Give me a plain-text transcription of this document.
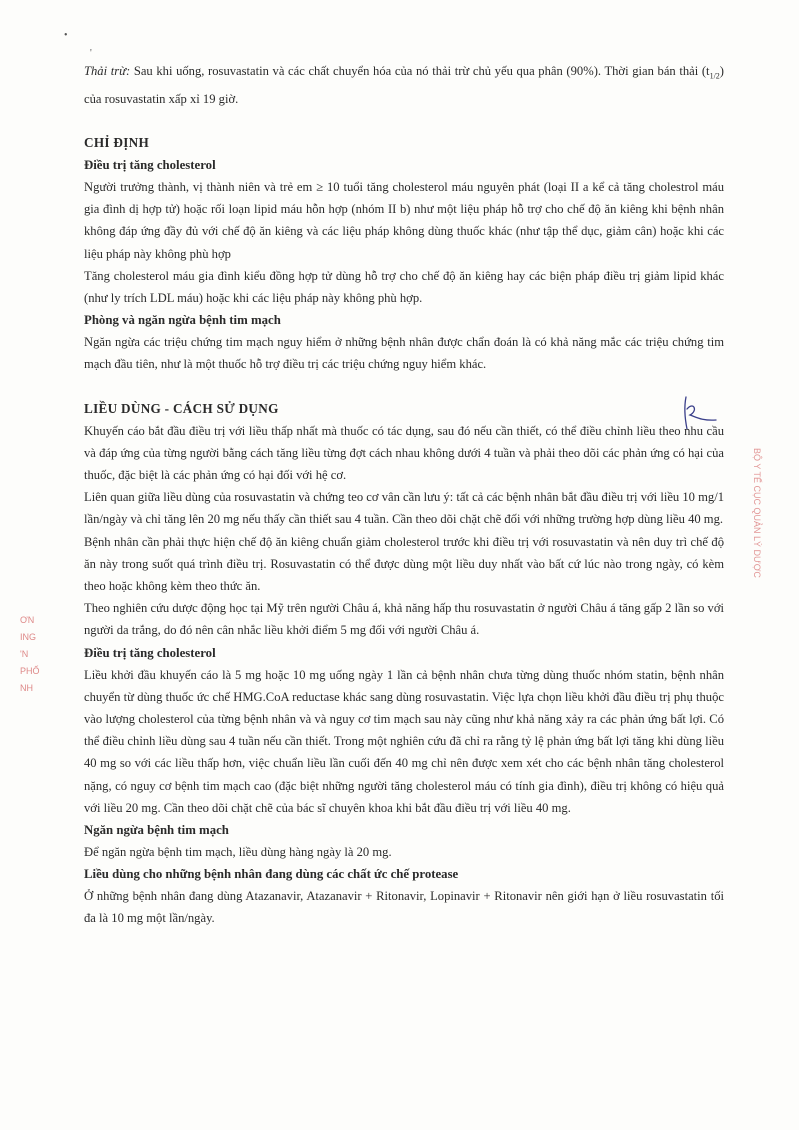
•
'
ƠN
ING
'N
PHỐ
NH
BỘ Y TẾ CỤC QUẢN LÝ DƯỢC

Thải trừ: Sau khi uống, rosuvastatin và các chất chuyển hóa của nó thải trừ chủ yếu qua phân (90%). Thời gian bán thải $(t_{1/2})$ của rosuvastatin xấp xỉ 19 giờ.

CHỈ ĐỊNH
Điều trị tăng cholesterol

Người trưởng thành, vị thành niên và trẻ em ≥ 10 tuổi tăng cholesterol máu nguyên phát (loại II a kể cả tăng cholestrol máu gia đình dị hợp tử) hoặc rối loạn lipid máu hỗn hợp (nhóm II b) như một liệu pháp hỗ trợ cho chế độ ăn kiêng khi bệnh nhân không đáp ứng đầy đủ với chế độ ăn kiêng và các liệu pháp không dùng thuốc khác (như tập thể dục, giảm cân) hoặc khi các liệu pháp này không phù hợp

Tăng cholesterol máu gia đình kiểu đồng hợp tử dùng hỗ trợ cho chế độ ăn kiêng hay các biện pháp điều trị giảm lipid khác (như ly trích LDL máu) hoặc khi các liệu pháp này không phù hợp.

Phòng và ngăn ngừa bệnh tim mạch

Ngăn ngừa các triệu chứng tim mạch nguy hiểm ở những bệnh nhân được chẩn đoán là có khả năng mắc các triệu chứng tim mạch đầu tiên, như là một thuốc hỗ trợ điều trị các triệu chứng nguy hiểm khác.

LIỀU DÙNG - CÁCH SỬ DỤNG

Khuyến cáo bắt đầu điều trị với liều thấp nhất mà thuốc có tác dụng, sau đó nếu cần thiết, có thể điều chỉnh liều theo nhu cầu và đáp ứng của từng người bằng cách tăng liều từng đợt cách nhau không dưới 4 tuần và phải theo dõi các phản ứng có hại của thuốc, đặc biệt là các phản ứng có hại đối với hệ cơ.

Liên quan giữa liều dùng của rosuvastatin và chứng teo cơ vân cần lưu ý: tất cả các bệnh nhân bắt đầu điều trị với liều 10 mg/1 lần/ngày và chỉ tăng lên 20 mg nếu thấy cần thiết sau 4 tuần. Cần theo dõi chặt chẽ đối với những trường hợp dùng liều 40 mg.

Bệnh nhân cần phải thực hiện chế độ ăn kiêng chuẩn giảm cholesterol trước khi điều trị với rosuvastatin và nên duy trì chế độ ăn này trong suốt quá trình điều trị. Rosuvastatin có thể được dùng một liều duy nhất vào bất cứ lúc nào trong ngày, có kèm theo hoặc không kèm theo thức ăn.

Theo nghiên cứu dược động học tại Mỹ trên người Châu á, khả năng hấp thu rosuvastatin ở người Châu á tăng gấp 2 lần so với người da trắng, do đó nên cân nhắc liều khởi điểm 5 mg đối với người Châu á.

Điều trị tăng cholesterol

Liều khởi đầu khuyến cáo là 5 mg hoặc 10 mg uống ngày 1 lần cả bệnh nhân chưa từng dùng thuốc nhóm statin, bệnh nhân chuyển từ dùng thuốc ức chế HMG.CoA reductase khác sang dùng rosuvastatin. Việc lựa chọn liều khởi đầu điều trị phụ thuộc vào lượng cholesterol của từng bệnh nhân và và nguy cơ tim mạch sau này cũng như khả năng xảy ra các phản ứng bất lợi. Có thể điều chỉnh liều dùng sau 4 tuần nếu cần thiết. Trong một nghiên cứu đã chỉ ra rằng tỷ lệ phản ứng bất lợi tăng khi dùng liều 40 mg so với các liều thấp hơn, việc chuẩn liều lần cuối đến 40 mg chỉ nên được xem xét cho các bệnh nhân tăng cholesterol nặng, có nguy cơ bệnh tim mạch cao (đặc biệt những người tăng cholesterol máu có tính gia đình), điều trị không có hiệu quả với liều 20 mg. Cần theo dõi chặt chẽ của bác sĩ chuyên khoa khi bắt đầu điều trị với liều 40 mg.

Ngăn ngừa bệnh tim mạch

Để ngăn ngừa bệnh tim mạch, liều dùng hàng ngày là 20 mg.

Liều dùng cho những bệnh nhân đang dùng các chất ức chế protease

Ở những bệnh nhân đang dùng Atazanavir, Atazanavir + Ritonavir, Lopinavir + Ritonavir nên giới hạn ở liều rosuvastatin tối đa là 10 mg một lần/ngày.
